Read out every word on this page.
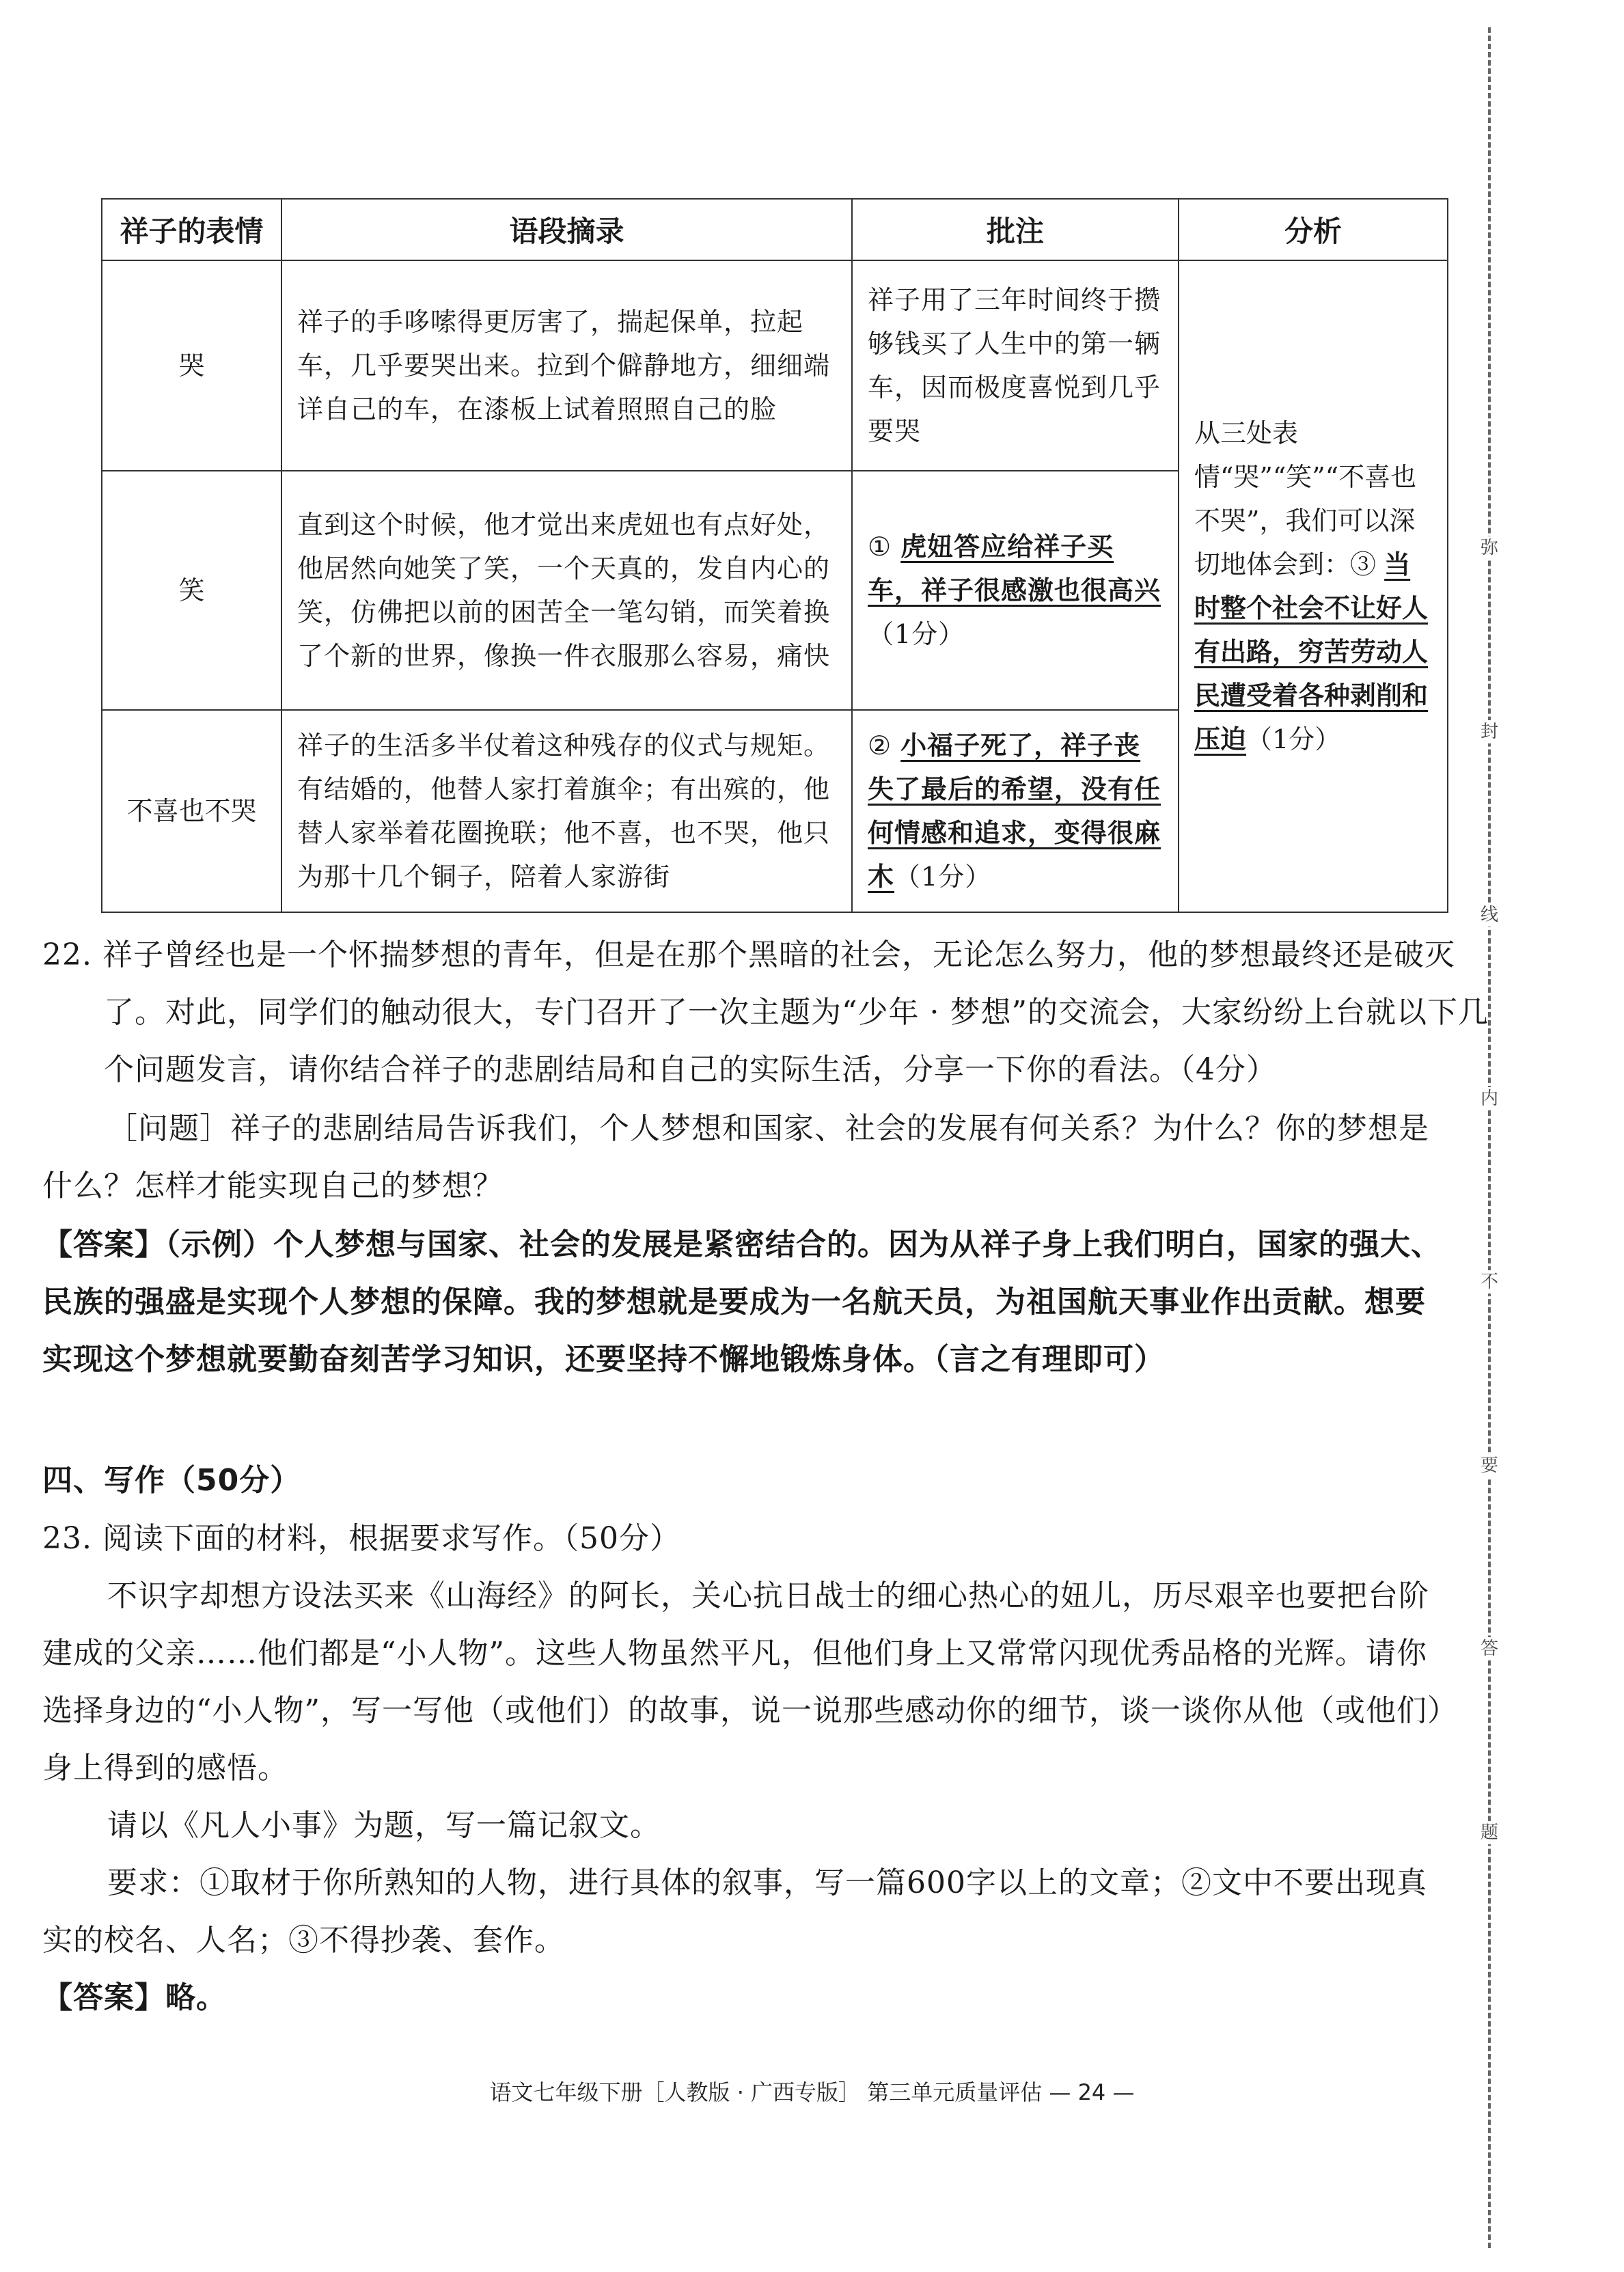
弥
封
线
内
不
要
答
题
祥子的表情	语段摘录	批注	分析
哭	祥子的手哆嗦得更厉害了，揣起保单，拉起车，几乎要哭出来。拉到个僻静地方，细细端详自己的车，在漆板上试着照照自己的脸	祥子用了三年时间终于攒够钱买了人生中的第一辆车，因而极度喜悦到几乎要哭	从三处表情“哭”“笑”“不喜也不哭”，我们可以深切地体会到：③ 当时整个社会不让好人有出路，穷苦劳动人民遭受着各种剥削和压迫（1分）
笑	直到这个时候，他才觉出来虎妞也有点好处，他居然向她笑了笑，一个天真的，发自内心的笑，仿佛把以前的困苦全一笔勾销，而笑着换了个新的世界，像换一件衣服那么容易，痛快	① 虎妞答应给祥子买车，祥子很感激也很高兴（1分）	
不喜也不哭	祥子的生活多半仗着这种残存的仪式与规矩。有结婚的，他替人家打着旗伞；有出殡的，他替人家举着花圈挽联；他不喜，也不哭，他只为那十几个铜子，陪着人家游街	② 小福子死了，祥子丧失了最后的希望，没有任何情感和追求，变得很麻木（1分）	
22. 祥子曾经也是一个怀揣梦想的青年，但是在那个黑暗的社会，无论怎么努力，他的梦想最终还是破灭了。对此，同学们的触动很大，专门召开了一次主题为“少年 · 梦想”的交流会，大家纷纷上台就以下几个问题发言，请你结合祥子的悲剧结局和自己的实际生活，分享一下你的看法。（4分）
［问题］祥子的悲剧结局告诉我们，个人梦想和国家、社会的发展有何关系？为什么？你的梦想是什么？怎样才能实现自己的梦想？
【答案】（示例）个人梦想与国家、社会的发展是紧密结合的。因为从祥子身上我们明白，国家的强大、民族的强盛是实现个人梦想的保障。我的梦想就是要成为一名航天员，为祖国航天事业作出贡献。想要实现这个梦想就要勤奋刻苦学习知识，还要坚持不懈地锻炼身体。（言之有理即可）
四、写作（50分）
23. 阅读下面的材料，根据要求写作。（50分）
不识字却想方设法买来《山海经》的阿长，关心抗日战士的细心热心的妞儿，历尽艰辛也要把台阶建成的父亲……他们都是“小人物”。这些人物虽然平凡，但他们身上又常常闪现优秀品格的光辉。请你选择身边的“小人物”，写一写他（或他们）的故事，说一说那些感动你的细节，谈一谈你从他（或他们）身上得到的感悟。
请以《凡人小事》为题，写一篇记叙文。
要求：①取材于你所熟知的人物，进行具体的叙事，写一篇600字以上的文章；②文中不要出现真实的校名、人名；③不得抄袭、套作。
【答案】略。
语文七年级下册［人教版 · 广西专版］ 第三单元质量评估 — 24 —
